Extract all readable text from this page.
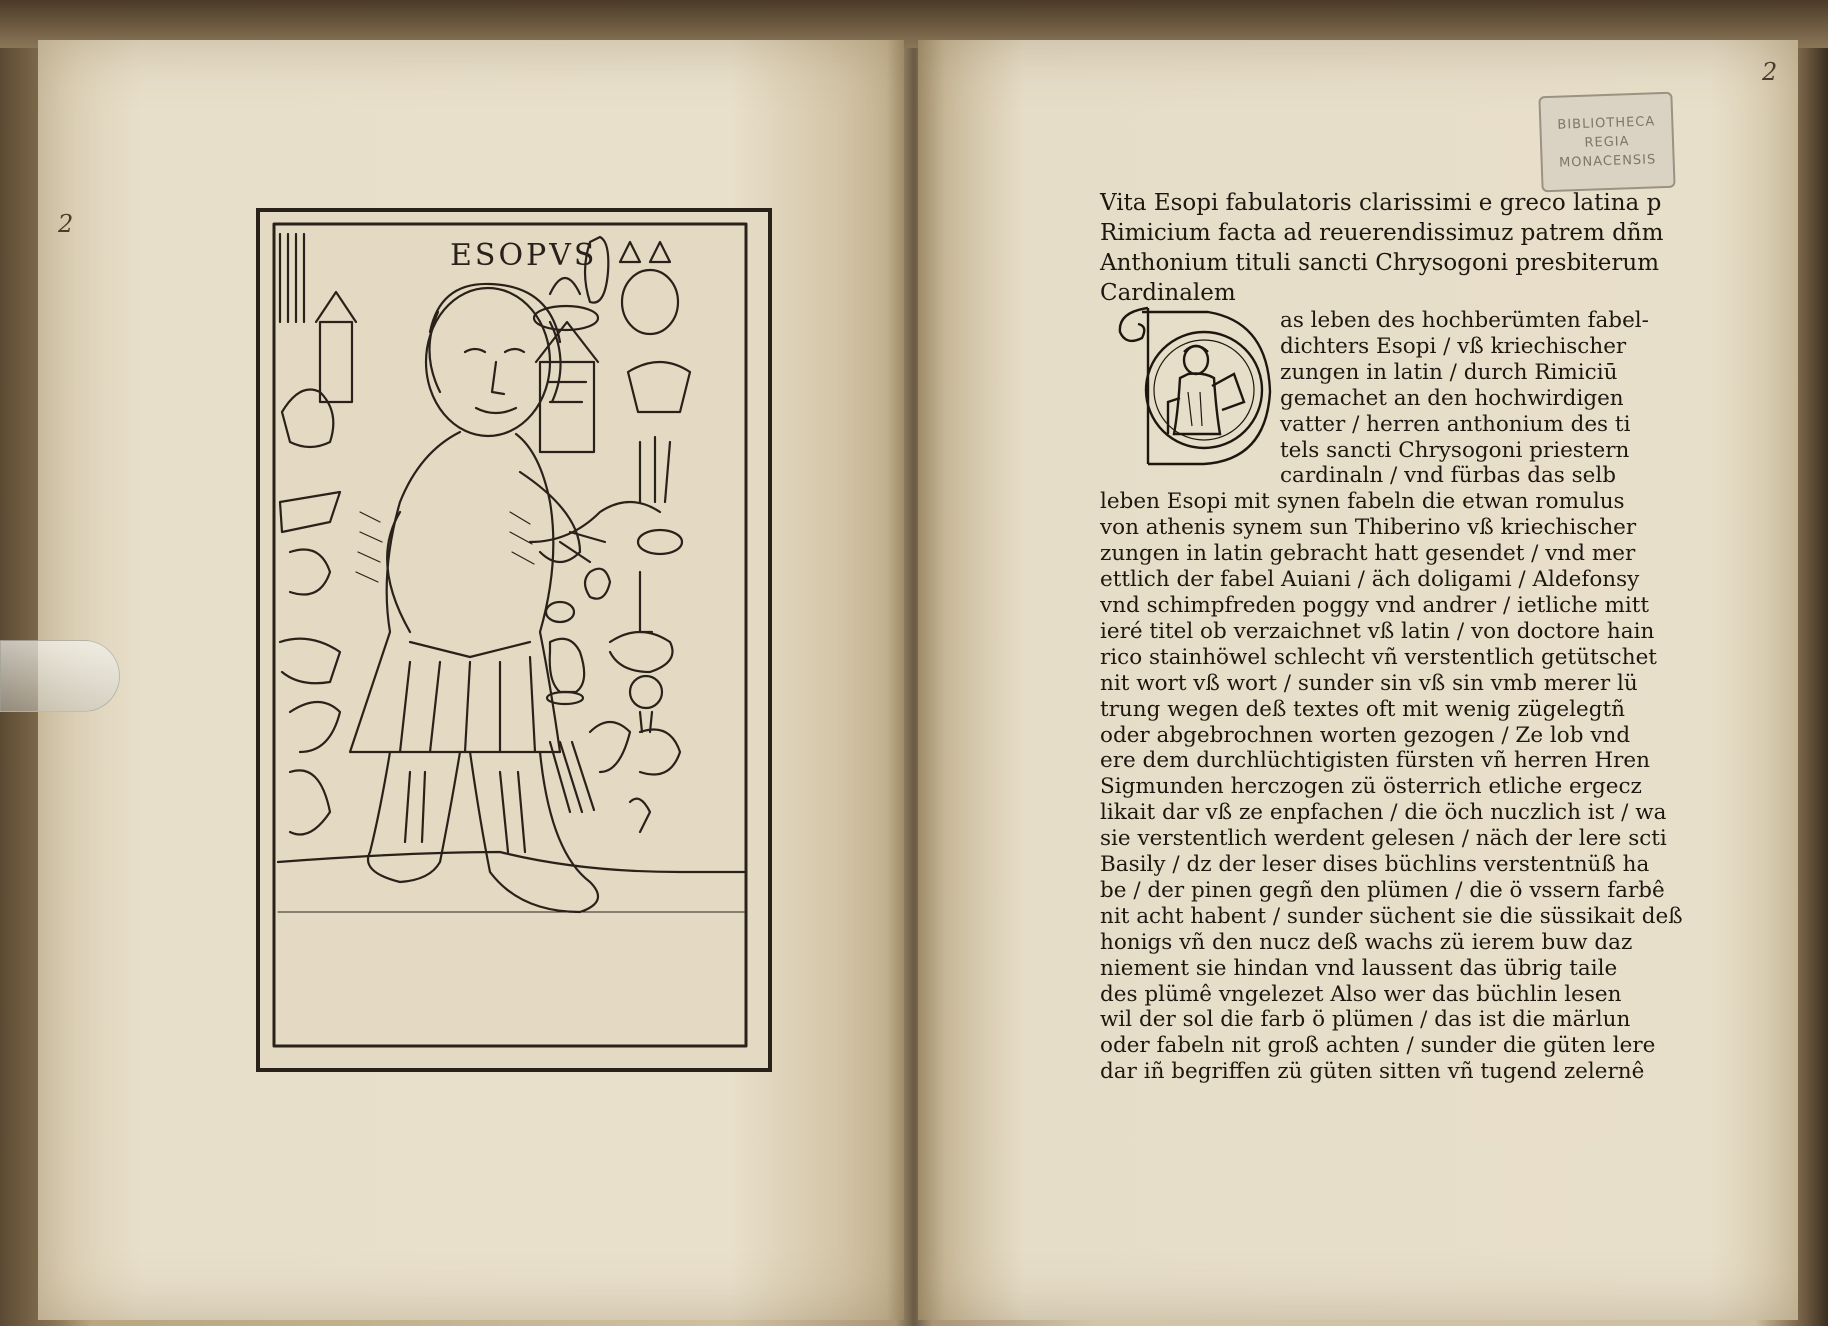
2
ESOPVS
2
BIBLIOTHECA
REGIA
MONACENSIS
Vita Esopi fabulatoris clarissimi e greco latina p
Rimicium facta ad reuerendissimuz patrem dñm
Anthonium tituli sancti Chrysogoni presbiterum
Cardinalem
as leben des hochberümten fabel-
dichters Esopi / vß kriechischer
zungen in latin / durch Rimiciū
gemachet an den hochwirdigen
vatter / herren anthonium des ti
tels sancti Chrysogoni priestern
cardinaln / vnd fürbas das selb
leben Esopi mit synen fabeln die etwan romulus
von athenis synem sun Thiberino vß kriechischer
zungen in latin gebracht hatt gesendet / vnd mer
ettlich der fabel Auiani / äch doligami / Aldefonsy
vnd schimpfreden poggy vnd andrer / ietliche mitt
ieré titel ob verzaichnet vß latin / von doctore hain
rico stainhöwel schlecht vñ verstentlich getütschet
nit wort vß wort / sunder sin vß sin vmb merer lü
trung wegen deß textes oft mit wenig zügelegtñ
oder abgebrochnen worten gezogen / Ze lob vnd
ere dem durchlüchtigisten fürsten vñ herren Hren
Sigmunden herczogen zü österrich etliche ergecz
likait dar vß ze enpfachen / die öch nuczlich ist / wa
sie verstentlich werdent gelesen / näch der lere scti
Basily / dz der leser dises büchlins verstentnüß ha
be / der pinen gegñ den plümen / die ö vssern farbê
nit acht habent / sunder süchent sie die süssikait deß
honigs vñ den nucz deß wachs zü ierem buw daz
niement sie hindan vnd laussent das übrig taile
des plümê vngelezet Also wer das büchlin lesen
wil der sol die farb ö plümen / das ist die märlun
oder fabeln nit groß achten / sunder die güten lere
dar iñ begriffen zü güten sitten vñ tugend zelernê
